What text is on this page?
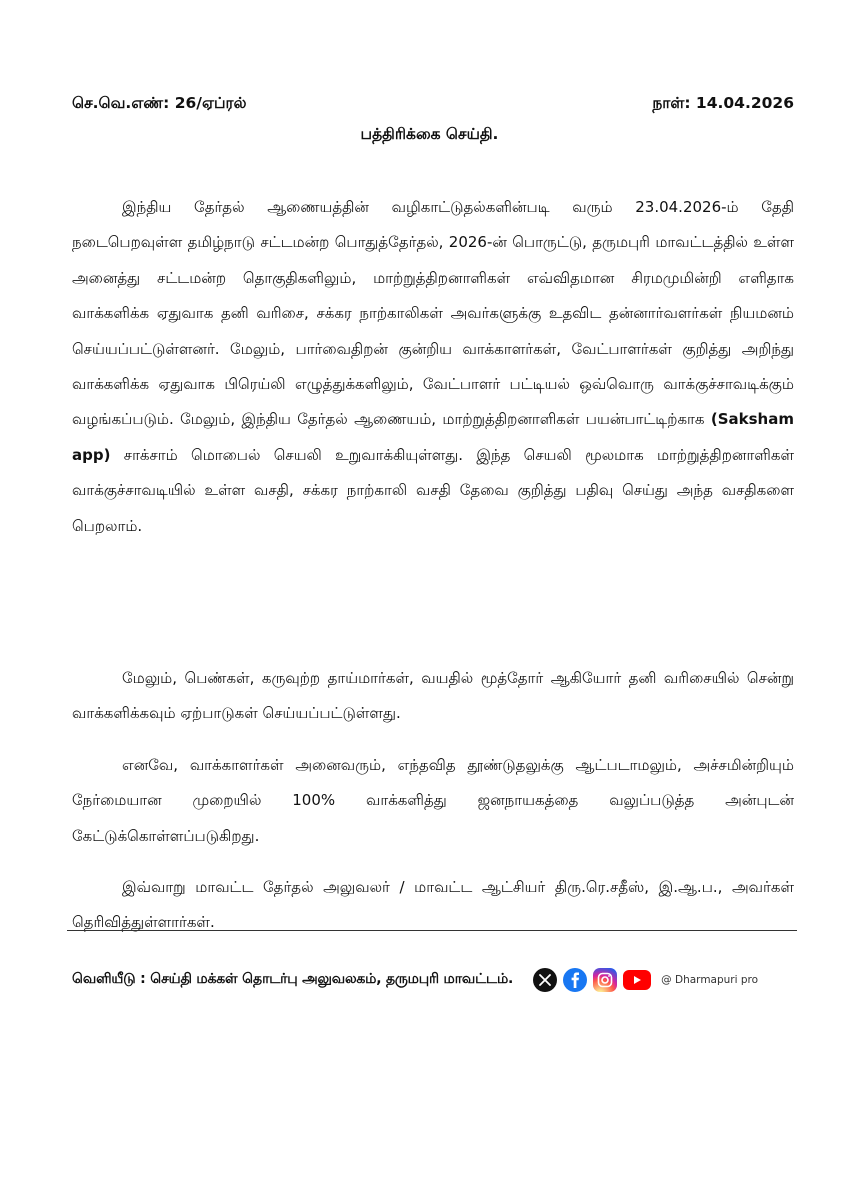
செ.வெ.எண்: 26/ஏப்ரல்	நாள்: 14.04.2026
பத்திரிக்கை செய்தி.

இந்திய தேர்தல் ஆணையத்தின் வழிகாட்டுதல்களின்படி வரும் 23.04.2026-ம் தேதி நடைபெறவுள்ள தமிழ்நாடு சட்டமன்ற பொதுத்தேர்தல், 2026-ன் பொருட்டு, தருமபுரி மாவட்டத்தில் உள்ள அனைத்து சட்டமன்ற தொகுதிகளிலும், மாற்றுத்திறனாளிகள் எவ்விதமான சிரமமுமின்றி எளிதாக வாக்களிக்க ஏதுவாக தனி வரிசை, சக்கர நாற்காலிகள் அவர்களுக்கு உதவிட தன்னார்வளர்கள் நியமனம் செய்யப்பட்டுள்ளனர். மேலும், பார்வைதிறன் குன்றிய வாக்காளர்கள், வேட்பாளர்கள் குறித்து அறிந்து வாக்களிக்க ஏதுவாக பிரெய்லி எழுத்துக்களிலும், வேட்பாளர் பட்டியல் ஒவ்வொரு வாக்குச்சாவடிக்கும் வழங்கப்படும். மேலும், இந்திய தேர்தல் ஆணையம், மாற்றுத்திறனாளிகள் பயன்பாட்டிற்காக (Saksham app) சாக்சாம் மொபைல் செயலி உறுவாக்கியுள்ளது. இந்த செயலி மூலமாக மாற்றுத்திறனாளிகள் வாக்குச்சாவடியில் உள்ள வசதி, சக்கர நாற்காலி வசதி தேவை குறித்து பதிவு செய்து அந்த வசதிகளை பெறலாம்.

மேலும், பெண்கள், கருவுற்ற தாய்மார்கள், வயதில் மூத்தோர் ஆகியோர் தனி வரிசையில் சென்று வாக்களிக்கவும் ஏற்பாடுகள் செய்யப்பட்டுள்ளது.

எனவே, வாக்காளர்கள் அனைவரும், எந்தவித தூண்டுதலுக்கு ஆட்படாமலும், அச்சமின்றியும் நேர்மையான முறையில் 100% வாக்களித்து ஜனநாயகத்தை வலுப்படுத்த அன்புடன் கேட்டுக்கொள்ளப்படுகிறது.

இவ்வாறு மாவட்ட தேர்தல் அலுவலர் / மாவட்ட ஆட்சியர் திரு.ரெ.சதீஸ், இ.ஆ.ப., அவர்கள் தெரிவித்துள்ளார்கள்.

வெளியீடு : செய்தி மக்கள் தொடர்பு அலுவலகம், தருமபுரி மாவட்டம்.	@ Dharmapuri pro
